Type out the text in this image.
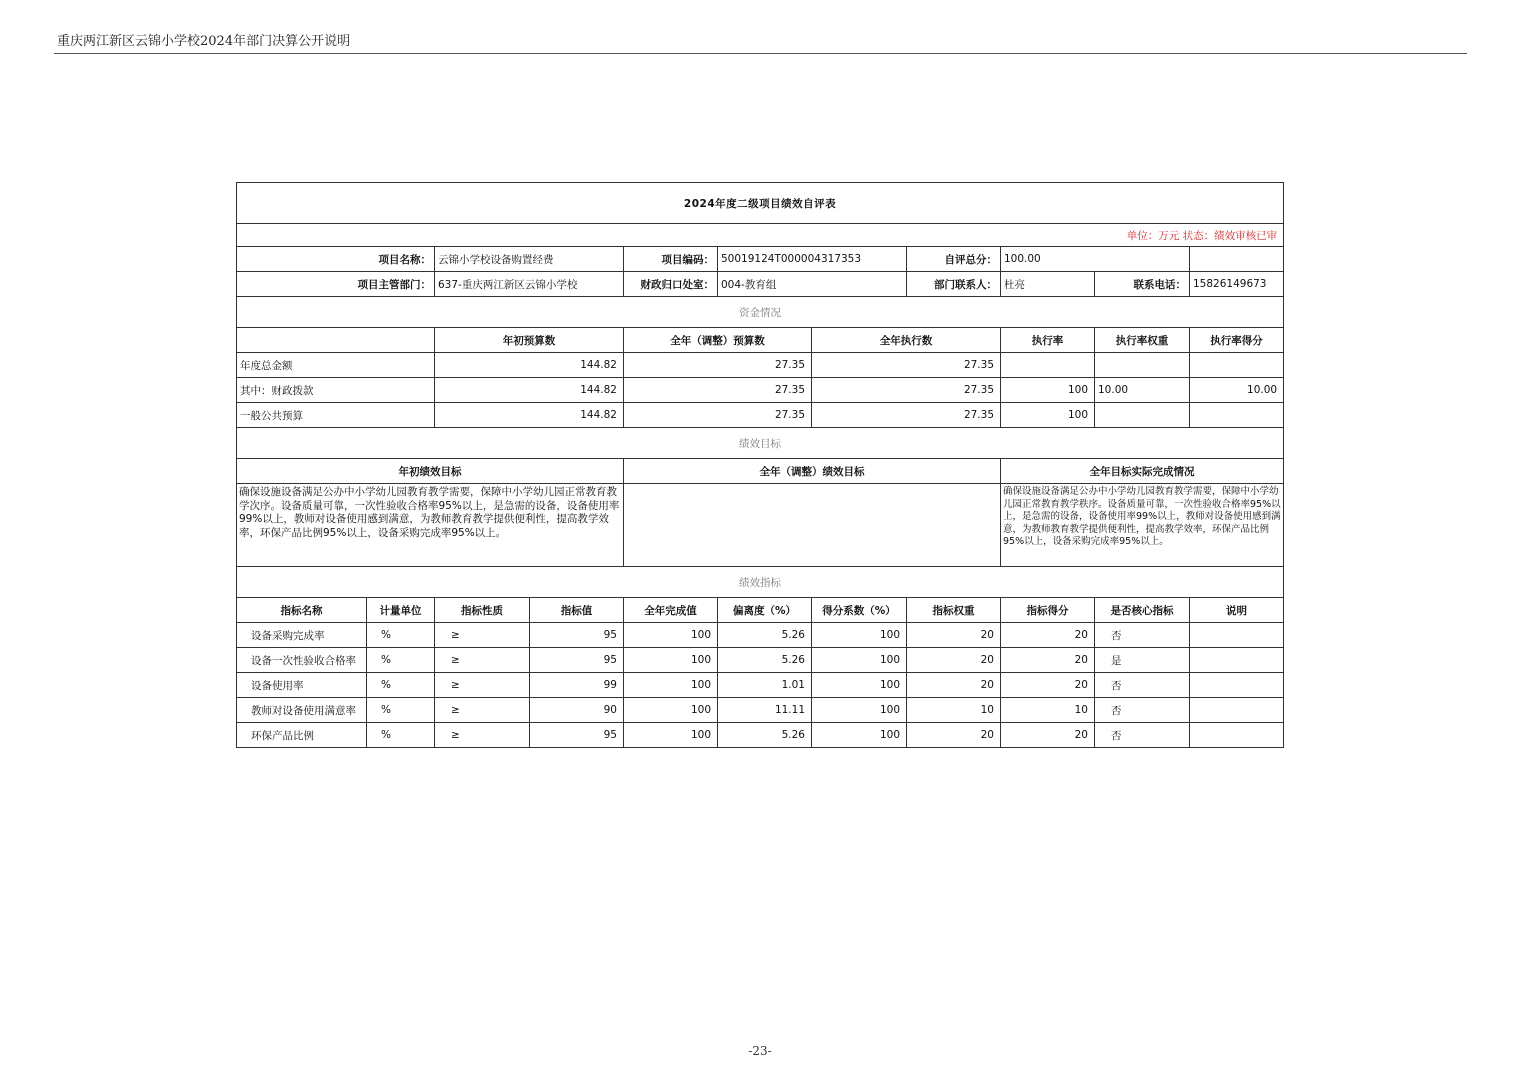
重庆两江新区云锦小学校2024年部门决算公开说明
2024年度二级项目绩效自评表										
单位：万元 状态：绩效审核已审										
项目名称：		云锦小学校设备购置经费		项目编码：	50019124T000004317353		自评总分：	100.00		
项目主管部门：		637-重庆两江新区云锦小学校		财政归口处室：	004-教育组		部门联系人：	杜亮	联系电话：	15826149673
资金情况										
		年初预算数		全年（调整）预算数		全年执行数		执行率	执行率权重	执行率得分
年度总金额		144.82		27.35		27.35				
其中：财政拨款		144.82		27.35		27.35		100	10.00	10.00
一般公共预算		144.82		27.35		27.35		100		
绩效目标										
年初绩效目标				全年（调整）绩效目标				全年目标实际完成情况		
确保设施设备满足公办中小学幼儿园教育教学需要，保障中小学幼儿园正常教育教学次序。设备质量可靠，一次性验收合格率95%以上，是急需的设备，设备使用率99%以上，教师对设备使用感到满意，为教师教育教学提供便利性，提高教学效率，环保产品比例95%以上，设备采购完成率95%以上。								确保设施设备满足公办中小学幼儿园教育教学需要，保障中小学幼儿园正常教育教学秩序。设备质量可靠，一次性验收合格率95%以上，是急需的设备，设备使用率99%以上，教师对设备使用感到满意，为教师教育教学提供便利性，提高教学效率，环保产品比例95%以上，设备采购完成率95%以上。		
绩效指标										
指标名称	计量单位	指标性质	指标值	全年完成值	偏离度（%）	得分系数（%）	指标权重	指标得分	是否核心指标	说明
设备采购完成率	%	≥	95	100	5.26	100	20	20	否	
设备一次性验收合格率	%	≥	95	100	5.26	100	20	20	是	
设备使用率	%	≥	99	100	1.01	100	20	20	否	
教师对设备使用满意率	%	≥	90	100	11.11	100	10	10	否	
环保产品比例	%	≥	95	100	5.26	100	20	20	否	
-23-
